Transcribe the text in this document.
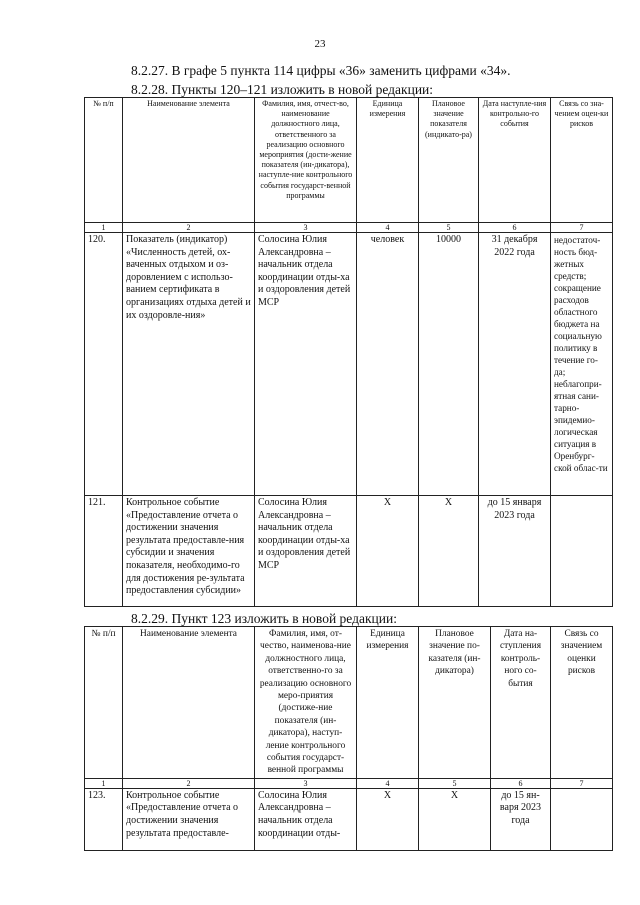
23
8.2.27. В графе 5 пункта 114 цифры «36» заменить цифрами «34».
8.2.28. Пункты 120–121 изложить в новой редакции:
№ п/п	Наименование элемента	Фамилия, имя, отчест-во, наименование должностного лица, ответственного за реализацию основного мероприятия (дости-жение показателя (ин-дикатора), наступле-ние контрольного события государст-венной программы	Единица измерения	Плановое значение показателя (индикато-ра)	Дата наступле-ния контрольно-го события	Связь со зна-чением оцен-ки рисков
1	2	3	4	5	6	7
120.	Показатель (индикатор) «Численность детей, ох-ваченных отдыхом и оз-доровлением с использо-ванием сертификата в организациях отдыха детей и их оздоровле-ния»	Солосина Юлия Александровна – начальник отдела координации отды-ха и оздоровления детей МСР	человек	10000	31 декабря 2022 года	недостаточ-ность бюд-жетных средств; сокращение расходов областного бюджета на социальную политику в течение го-да; неблагопри-ятная сани-тарно-эпидемио-логическая ситуация в Оренбург-ской облас-ти
121.	Контрольное событие «Предоставление отчета о достижении значения результата предоставле-ния субсидии и значения показателя, необходимо-го для достижения ре-зультата предоставления субсидии»	Солосина Юлия Александровна – начальник отдела координации отды-ха и оздоровления детей МСР	Х	Х	до 15 января 2023 года	
8.2.29. Пункт 123 изложить в новой редакции:
№ п/п	Наименование элемента	Фамилия, имя, от-чество, наименова-ние должностного лица, ответственно-го за реализацию основного меро-приятия (достиже-ние показателя (ин-дикатора), наступ-ление контрольного события государст-венной программы	Единица измерения	Плановое значение по-казателя (ин-дикатора)	Дата на-ступления контроль-ного со-бытия	Связь со значением оценки рисков
1	2	3	4	5	6	7
123.	Контрольное событие «Предоставление отчета о достижении значения результата предоставле-	Солосина Юлия Александровна – начальник отдела координации отды-	Х	Х	до 15 ян-варя 2023 года	
